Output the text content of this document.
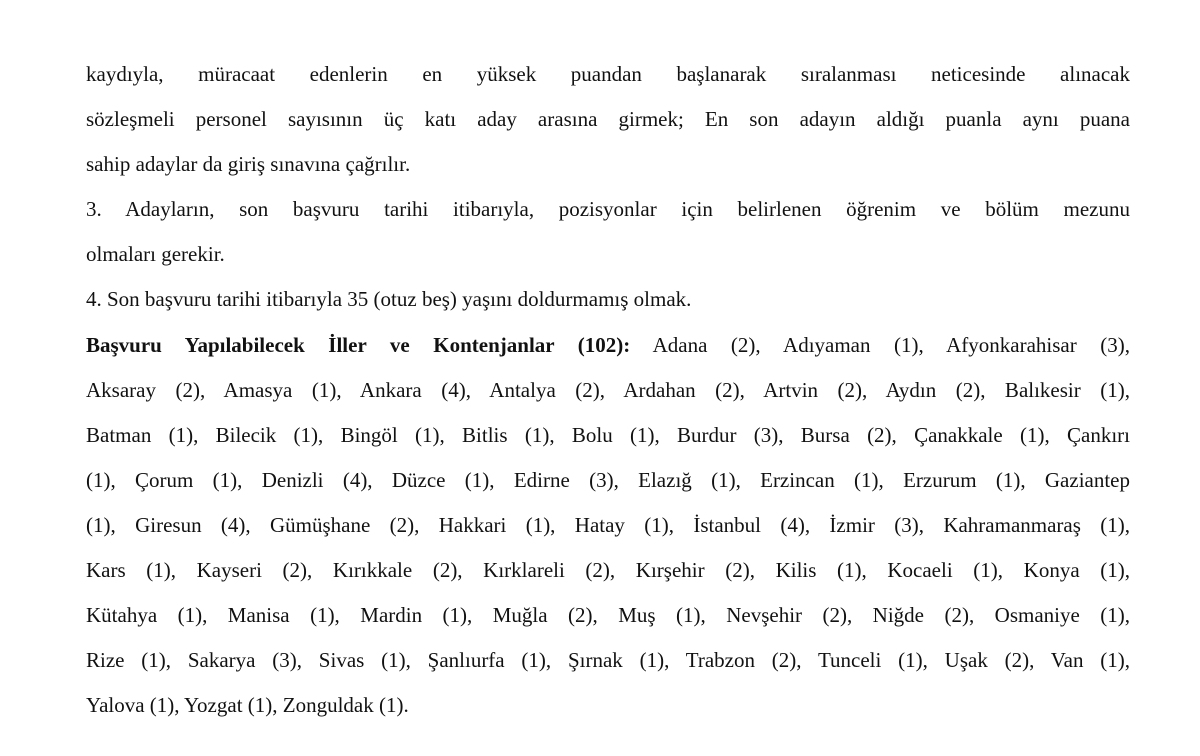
kaydıyla, müracaat edenlerin en yüksek puandan başlanarak sıralanması neticesinde alınacak
sözleşmeli personel sayısının üç katı aday arasına girmek; En son adayın aldığı puanla aynı puana
sahip adaylar da giriş sınavına çağrılır.
3. Adayların, son başvuru tarihi itibarıyla, pozisyonlar için belirlenen öğrenim ve bölüm mezunu
olmaları gerekir.
4. Son başvuru tarihi itibarıyla 35 (otuz beş) yaşını doldurmamış olmak.
Başvuru Yapılabilecek İller ve Kontenjanlar (102): Adana (2), Adıyaman (1), Afyonkarahisar (3),
Aksaray (2), Amasya (1), Ankara (4), Antalya (2), Ardahan (2), Artvin (2), Aydın (2), Balıkesir (1),
Batman (1), Bilecik (1), Bingöl (1), Bitlis (1), Bolu (1), Burdur (3), Bursa (2), Çanakkale (1), Çankırı
(1), Çorum (1), Denizli (4), Düzce (1), Edirne (3), Elazığ (1), Erzincan (1), Erzurum (1), Gaziantep
(1), Giresun (4), Gümüşhane (2), Hakkari (1), Hatay (1), İstanbul (4), İzmir (3), Kahramanmaraş (1),
Kars (1), Kayseri (2), Kırıkkale (2), Kırklareli (2), Kırşehir (2), Kilis (1), Kocaeli (1), Konya (1),
Kütahya (1), Manisa (1), Mardin (1), Muğla (2), Muş (1), Nevşehir (2), Niğde (2), Osmaniye (1),
Rize (1), Sakarya (3), Sivas (1), Şanlıurfa (1), Şırnak (1), Trabzon (2), Tunceli (1), Uşak (2), Van (1),
Yalova (1), Yozgat (1), Zonguldak (1).
